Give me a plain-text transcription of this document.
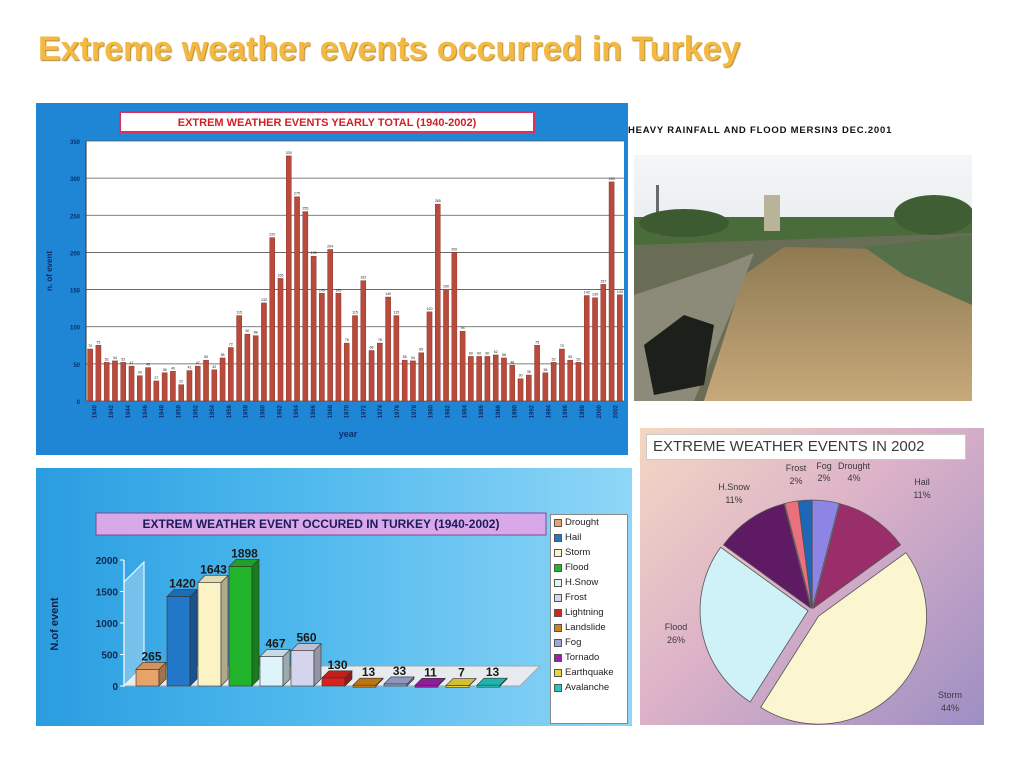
Extreme weather events occurred in Turkey
EXTREM WEATHER EVENTS YEARLY TOTAL (1940-2002)
year
n. of event
0
50
100
150
200
250
300
350
70
75
52 54 52
47
34
45
27
38 40
22
41
47
55
42
58
72
115
90 88
132
220
165
330
275
255
195
145
204
145
78
115
162
68
78
140
115
55 54
65
120
265
150
200
94
60 60 60 62
58
48
30
35
75
38
52
70
55
52
142
139
157
295
143
1940 1942 1944 1946 1948 1950 1952 1954 1956 1958 1960 1962 1964 1966 1968 1970 1972 1974 1976 1978 1980 1982 1984 1986 1988 1990 1992 1994 1996 1998 2000 2002
HEAVY RAINFALL AND FLOOD MERSIN3 DEC.2001
EXTREM WEATHER EVENT OCCURED IN TURKEY (1940-2002)
N.of event
0
500
1000
1500
2000
265
1420
1643
1898
467 560
130
13 33 11 7 13
Drought
Hail
Storm
Flood
H.Snow
Frost
Lightning
Landslide
Fog
Tornado
Earthquake
Avalanche
EXTREME WEATHER EVENTS IN 2002
Drought
4%	Hail
11%
Storm
44%
Flood
26%
H.Snow
11%
Frost
2%
Fog
2%
